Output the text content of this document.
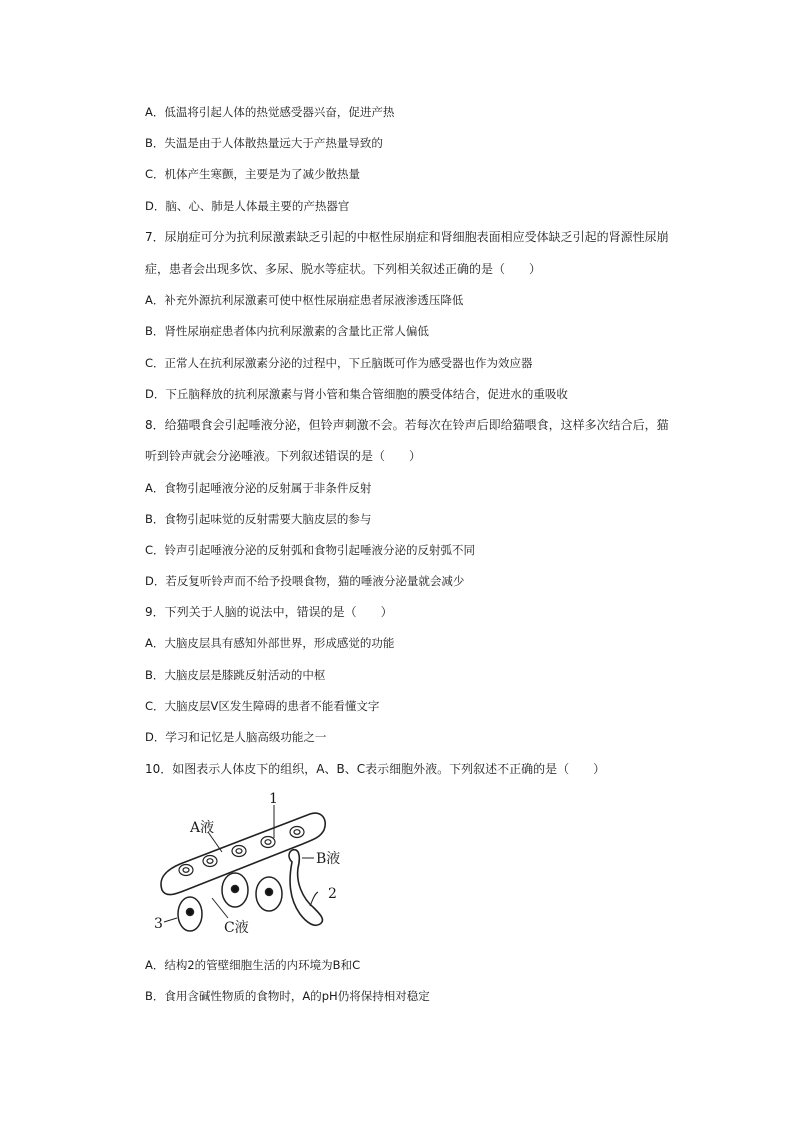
A．低温将引起人体的热觉感受器兴奋，促进产热
B．失温是由于人体散热量远大于产热量导致的
C．机体产生寒颤，主要是为了减少散热量
D．脑、心、肺是人体最主要的产热器官
7．尿崩症可分为抗利尿激素缺乏引起的中枢性尿崩症和肾细胞表面相应受体缺乏引起的肾源性尿崩
症，患者会出现多饮、多尿、脱水等症状。下列相关叙述正确的是（　　）
A．补充外源抗利尿激素可使中枢性尿崩症患者尿液渗透压降低
B．肾性尿崩症患者体内抗利尿激素的含量比正常人偏低
C．正常人在抗利尿激素分泌的过程中，下丘脑既可作为感受器也作为效应器
D．下丘脑释放的抗利尿激素与肾小管和集合管细胞的膜受体结合，促进水的重吸收
8．给猫喂食会引起唾液分泌，但铃声刺激不会。若每次在铃声后即给猫喂食，这样多次结合后，猫
听到铃声就会分泌唾液。下列叙述错误的是（　　）
A．食物引起唾液分泌的反射属于非条件反射
B．食物引起味觉的反射需要大脑皮层的参与
C．铃声引起唾液分泌的反射弧和食物引起唾液分泌的反射弧不同
D．若反复听铃声而不给予投喂食物，猫的唾液分泌量就会减少
9．下列关于人脑的说法中，错误的是（　　）
A．大脑皮层具有感知外部世界，形成感觉的功能
B．大脑皮层是膝跳反射活动的中枢
C．大脑皮层V区发生障碍的患者不能看懂文字
D．学习和记忆是人脑高级功能之一
10．如图表示人体皮下的组织，A、B、C表示细胞外液。下列叙述不正确的是（　　）
1
A液
B液
2
3	C液
A．结构2的管壁细胞生活的内环境为B和C
B．食用含碱性物质的食物时，A的pH仍将保持相对稳定
